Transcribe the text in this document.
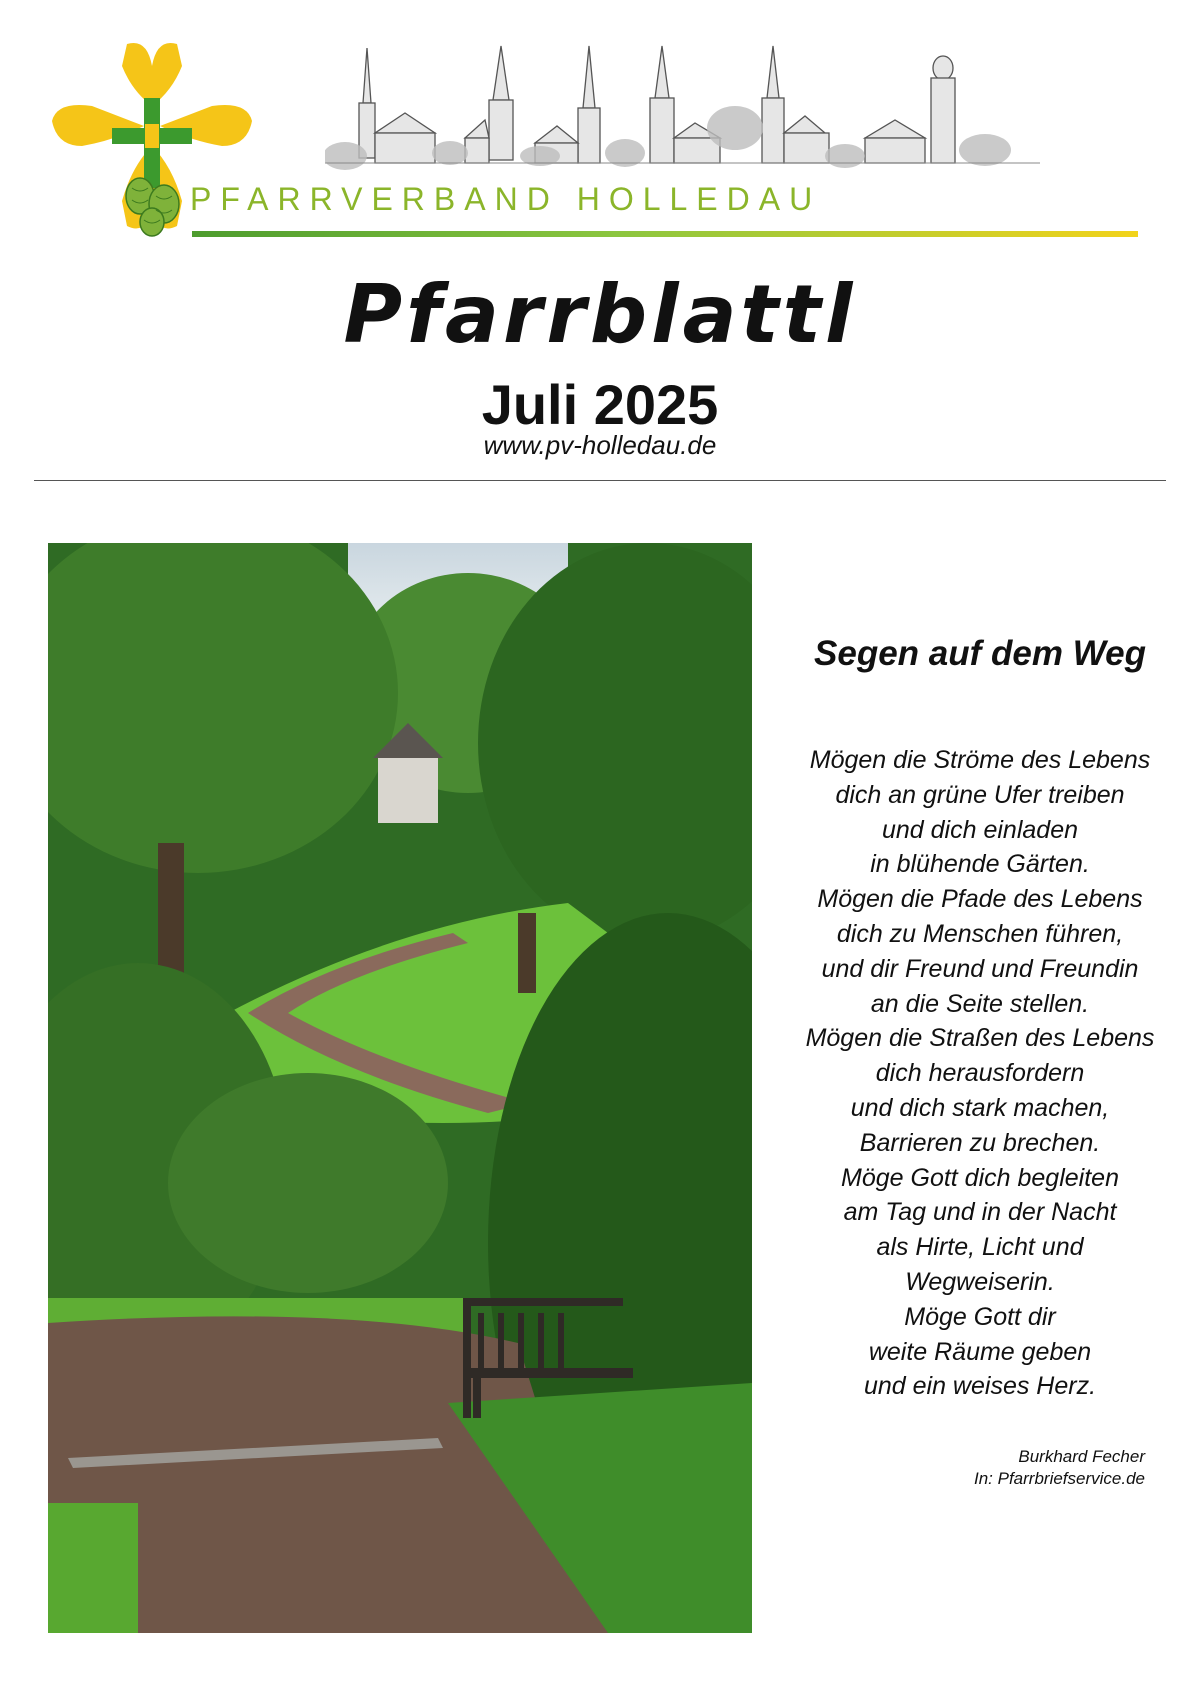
PFARRVERBAND HOLLEDAU
Pfarrblattl
Juli 2025
www.pv-holledau.de
Segen auf dem Weg
Mögen die Ströme des Lebens
dich an grüne Ufer treiben
und dich einladen
in blühende Gärten.
Mögen die Pfade des Lebens
dich zu Menschen führen,
und dir Freund und Freundin
an die Seite stellen.
Mögen die Straßen des Lebens
dich herausfordern
und dich stark machen,
Barrieren zu brechen.
Möge Gott dich begleiten
am Tag und in der Nacht
als Hirte, Licht und
Wegweiserin.
Möge Gott dir
weite Räume geben
und ein weises Herz.
Burkhard Fecher
In: Pfarrbriefservice.de
